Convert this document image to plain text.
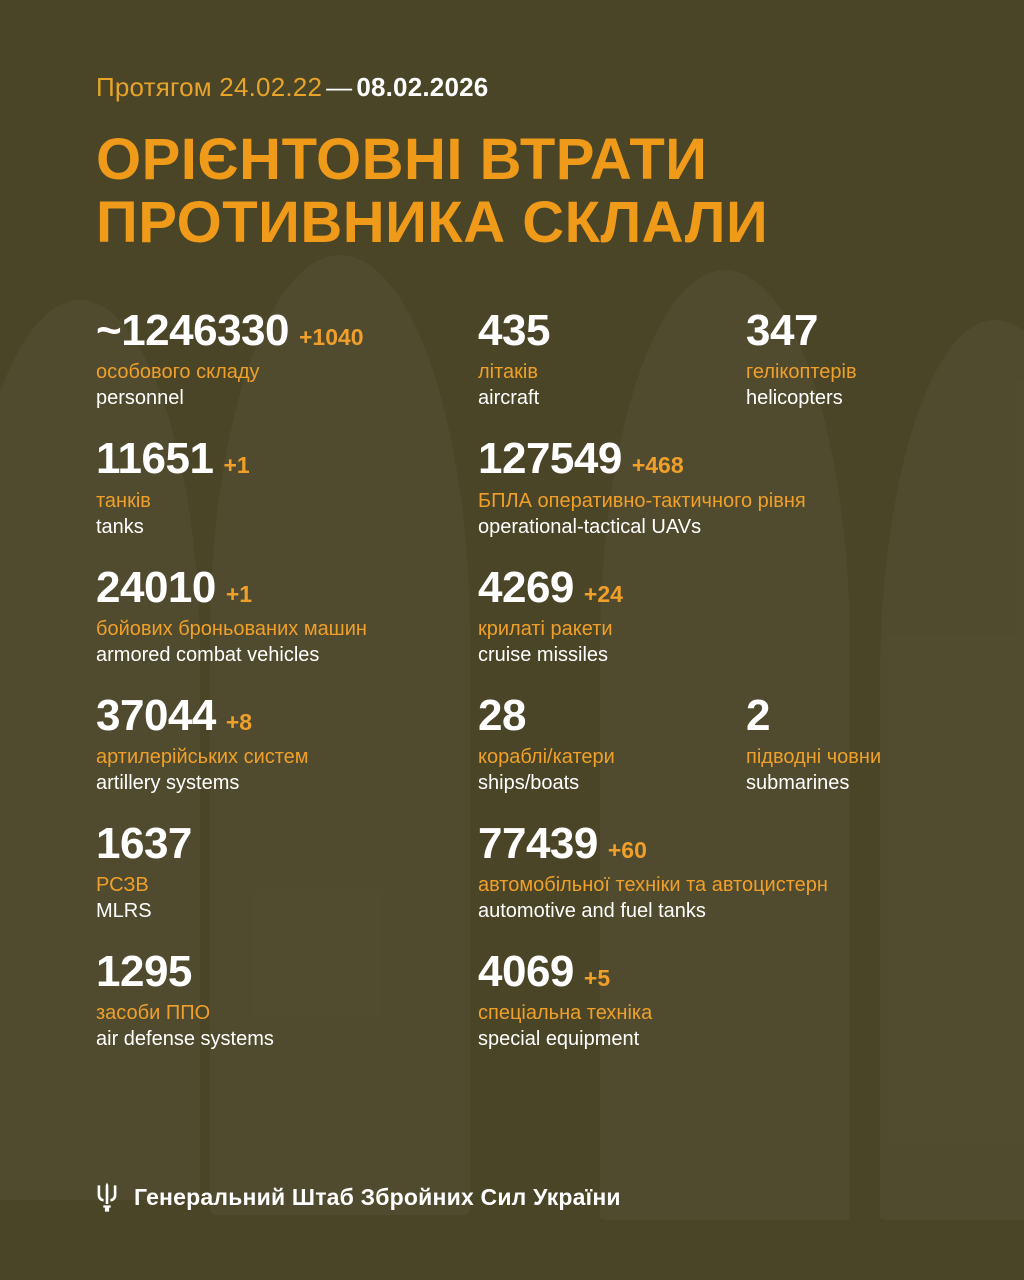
Протягом 24.02.22 — 08.02.2026
ОРІЄНТОВНІ ВТРАТИ
ПРОТИВНИКА СКЛАЛИ
~1246330 +1040
особового складу
personnel
435
літаків
aircraft
347
гелікоптерів
helicopters
11651 +1
танків
tanks
127549 +468
БПЛА оперативно-тактичного рівня
operational-tactical UAVs
24010 +1
бойових броньованих машин
armored combat vehicles
4269 +24
крилаті ракети
cruise missiles
37044 +8
артилерійських систем
artillery systems
28
кораблі/катери
ships/boats
2
підводні човни
submarines
1637
РСЗВ
MLRS
77439 +60
автомобільної техніки та автоцистерн
automotive and fuel tanks
1295
засоби ППО
air defense systems
4069 +5
спеціальна техніка
special equipment
Генеральний Штаб Збройних Сил України
